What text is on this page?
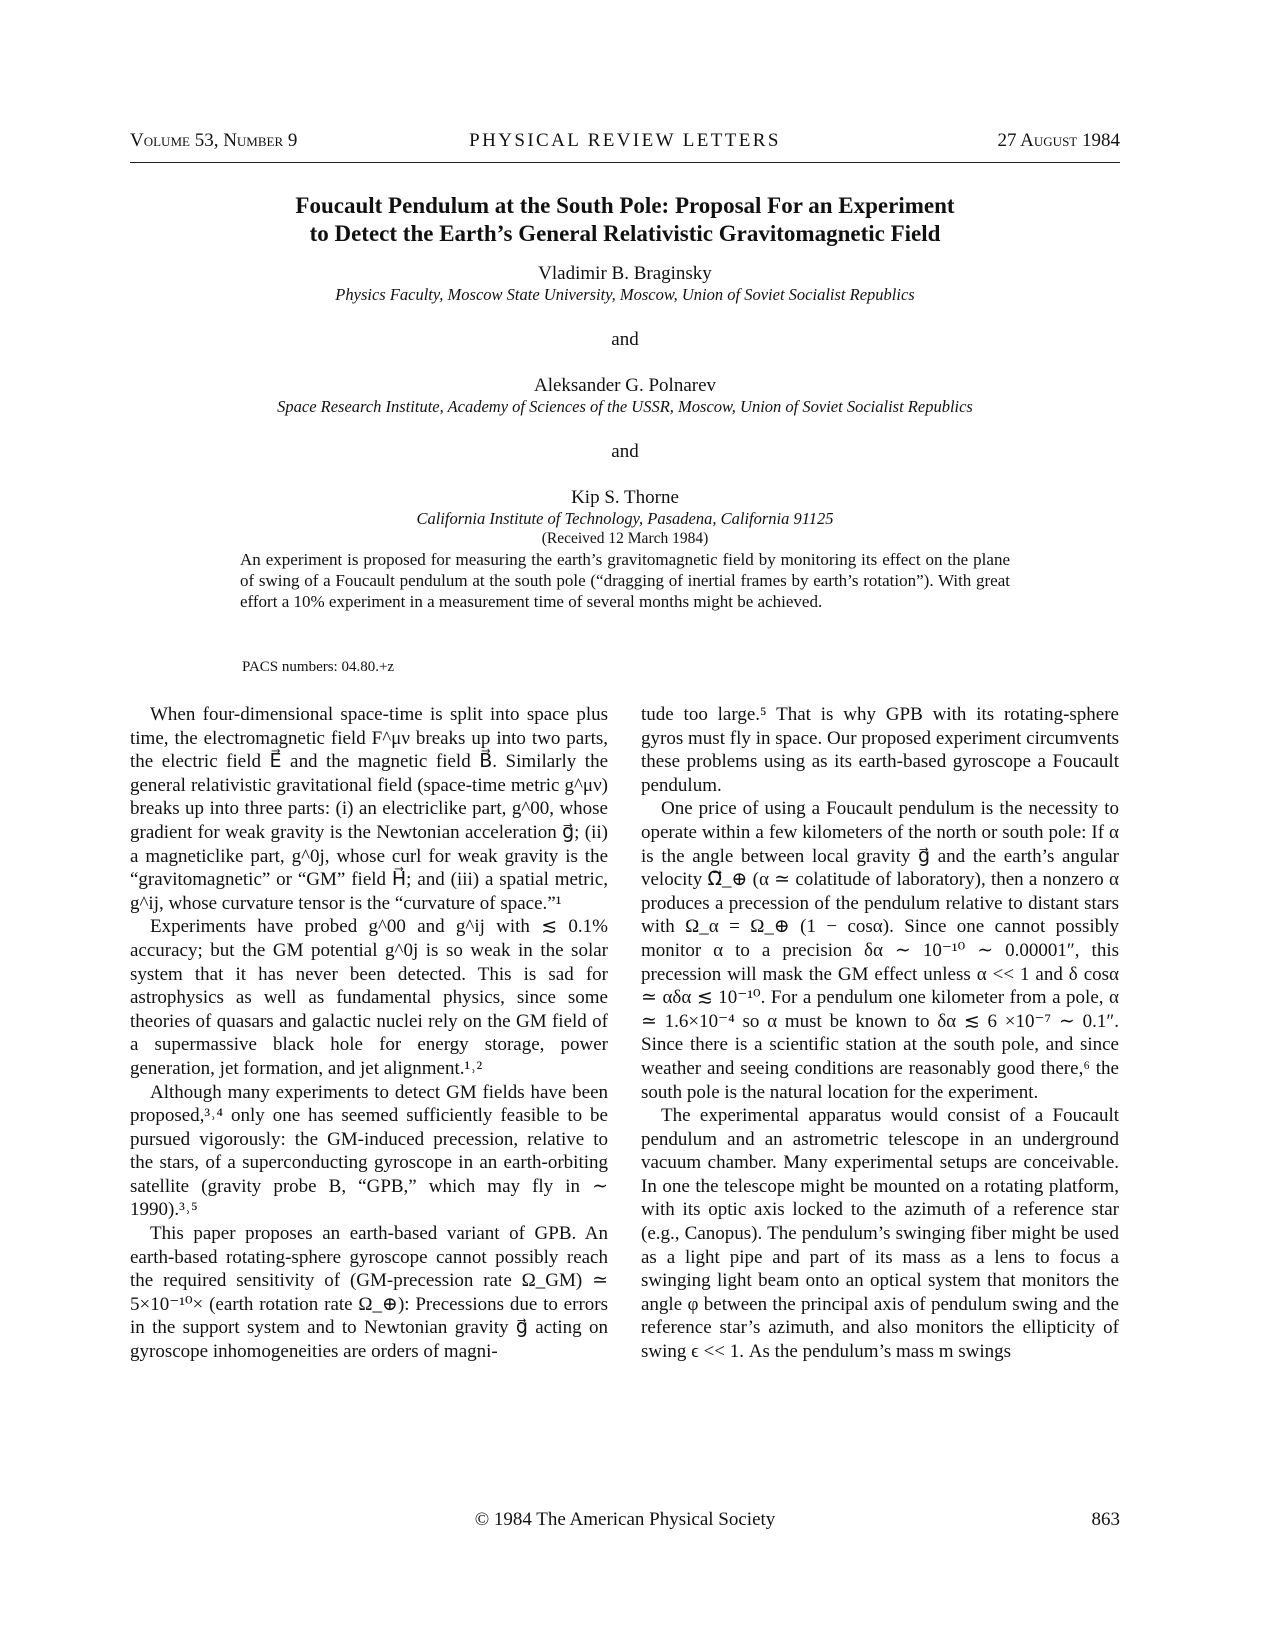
Volume 53, Number 9	PHYSICAL REVIEW LETTERS	27 August 1984
Foucault Pendulum at the South Pole: Proposal For an Experiment
to Detect the Earth’s General Relativistic Gravitomagnetic Field
Vladimir B. Braginsky
Physics Faculty, Moscow State University, Moscow, Union of Soviet Socialist Republics
and
Aleksander G. Polnarev
Space Research Institute, Academy of Sciences of the USSR, Moscow, Union of Soviet Socialist Republics
and
Kip S. Thorne
California Institute of Technology, Pasadena, California 91125
(Received 12 March 1984)
An experiment is proposed for measuring the earth’s gravitomagnetic field by monitoring its effect on the plane of swing of a Foucault pendulum at the south pole (“dragging of inertial frames by earth’s rotation”). With great effort a 10% experiment in a measurement time of several months might be achieved.
PACS numbers: 04.80.+z

When four-dimensional space-time is split into space plus time, the electromagnetic field F^μν breaks up into two parts, the electric field E⃗ and the magnetic field B⃗. Similarly the general relativistic gravitational field (space-time metric g^μν) breaks up into three parts: (i) an electriclike part, g^00, whose gradient for weak gravity is the Newtonian acceleration g⃗; (ii) a magneticlike part, g^0j, whose curl for weak gravity is the “gravitomagnetic” or “GM” field H⃗; and (iii) a spatial metric, g^ij, whose curvature tensor is the “curvature of space.”¹

Experiments have probed g^00 and g^ij with ≲ 0.1% accuracy; but the GM potential g^0j is so weak in the solar system that it has never been detected. This is sad for astrophysics as well as fundamental physics, since some theories of quasars and galactic nuclei rely on the GM field of a supermassive black hole for energy storage, power generation, jet formation, and jet alignment.¹˒²

Although many experiments to detect GM fields have been proposed,³˒⁴ only one has seemed sufficiently feasible to be pursued vigorously: the GM-induced precession, relative to the stars, of a superconducting gyroscope in an earth-orbiting satellite (gravity probe B, “GPB,” which may fly in ∼ 1990).³˒⁵

This paper proposes an earth-based variant of GPB. An earth-based rotating-sphere gyroscope cannot possibly reach the required sensitivity of (GM-precession rate Ω_GM) ≃ 5×10⁻¹⁰× (earth rotation rate Ω_⊕): Precessions due to errors in the support system and to Newtonian gravity g⃗ acting on gyroscope inhomogeneities are orders of magni-

tude too large.⁵ That is why GPB with its rotating-sphere gyros must fly in space. Our proposed experiment circumvents these problems using as its earth-based gyroscope a Foucault pendulum.

One price of using a Foucault pendulum is the necessity to operate within a few kilometers of the north or south pole: If α is the angle between local gravity g⃗ and the earth’s angular velocity Ω⃗_⊕ (α ≃ colatitude of laboratory), then a nonzero α produces a precession of the pendulum relative to distant stars with Ω_α = Ω_⊕ (1 − cosα). Since one cannot possibly monitor α to a precision δα ∼ 10⁻¹⁰ ∼ 0.00001″, this precession will mask the GM effect unless α << 1 and δ cosα ≃ αδα ≲ 10⁻¹⁰. For a pendulum one kilometer from a pole, α ≃ 1.6×10⁻⁴ so α must be known to δα ≲ 6 ×10⁻⁷ ∼ 0.1″. Since there is a scientific station at the south pole, and since weather and seeing conditions are reasonably good there,⁶ the south pole is the natural location for the experiment.

The experimental apparatus would consist of a Foucault pendulum and an astrometric telescope in an underground vacuum chamber. Many experimental setups are conceivable. In one the telescope might be mounted on a rotating platform, with its optic axis locked to the azimuth of a reference star (e.g., Canopus). The pendulum’s swinging fiber might be used as a light pipe and part of its mass as a lens to focus a swinging light beam onto an optical system that monitors the angle φ between the principal axis of pendulum swing and the reference star’s azimuth, and also monitors the ellipticity of swing ϵ << 1. As the pendulum’s mass m swings

© 1984 The American Physical Society	863
